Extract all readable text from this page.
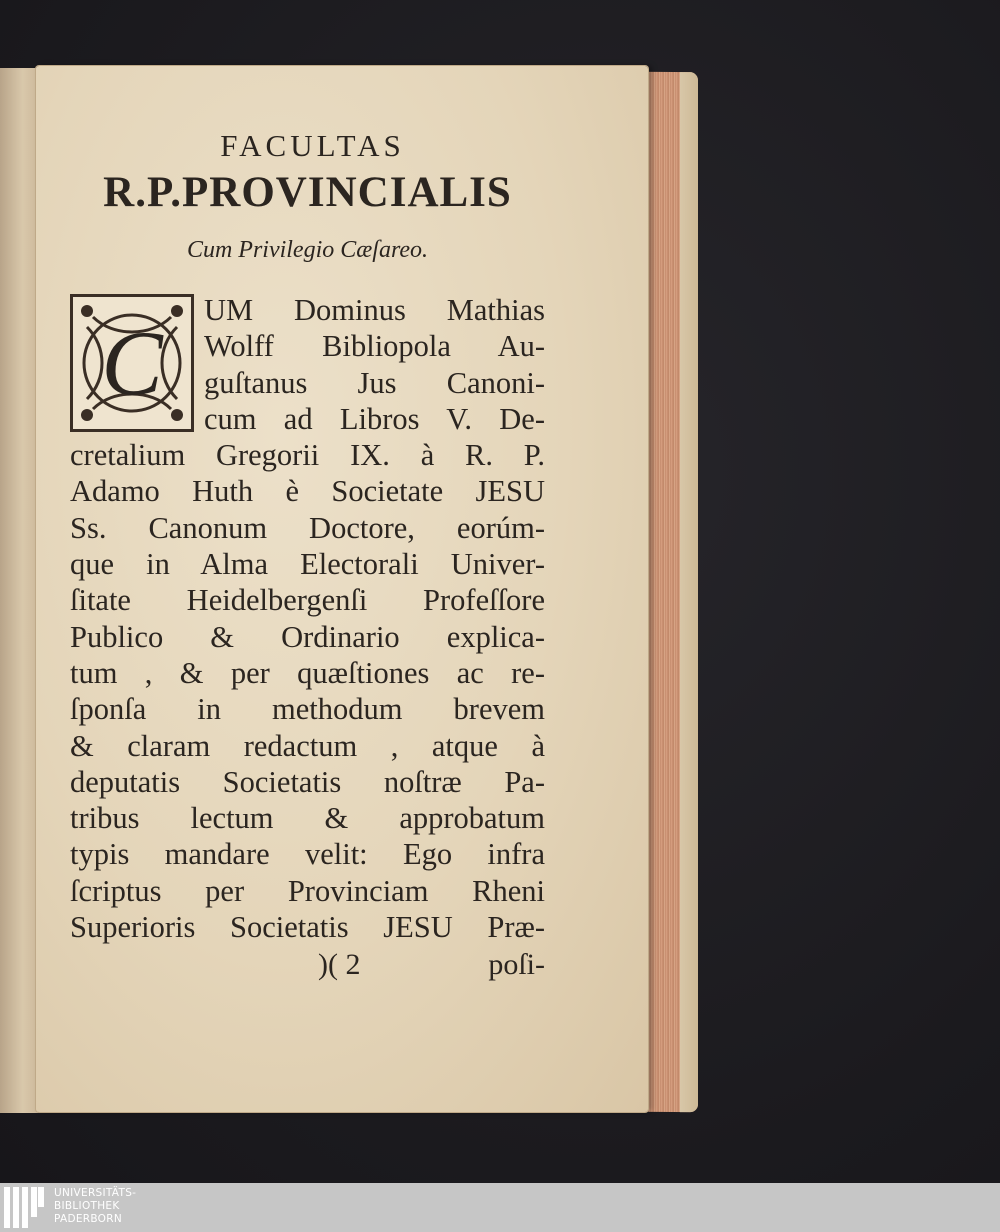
FACULTAS
R.P.PROVINCIALIS
Cum Privilegio Cæſareo.
C
UM Dominus Mathias
Wolff Bibliopola Au-
guſtanus Jus Canoni-
cum ad Libros V. De-
cretalium Gregorii IX. à R. P.
Adamo Huth è Societate JESU
Ss. Canonum Doctore, eorúm-
que in Alma Electorali Univer-
ſitate Heidelbergenſi Profeſſore
Publico & Ordinario explica-
tum , & per quæſtiones ac re-
ſponſa in methodum brevem
& claram redactum , atque à
deputatis Societatis noſtræ Pa-
tribus lectum & approbatum
typis mandare velit: Ego infra
ſcriptus per Provinciam Rheni
Superioris Societatis JESU Præ-
)( 2	poſi-
UNIVERSITÄTS-
BIBLIOTHEK
PADERBORN
